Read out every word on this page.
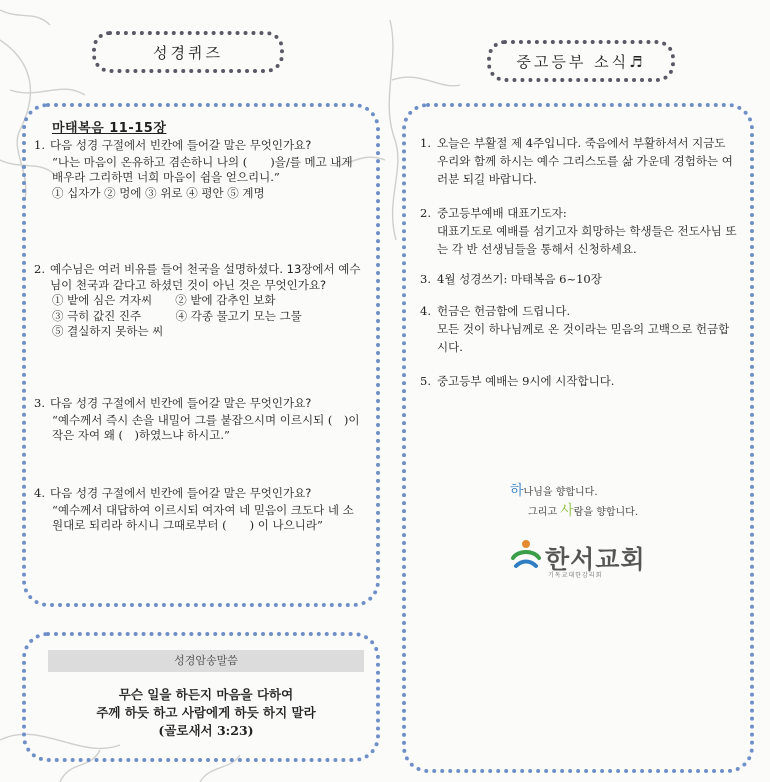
성경퀴즈	중고등부 소식♬
마태복음 11-15장
1. 다음 성경 구절에서 빈칸에 들어갈 말은 무엇인가요?
“나는 마음이 온유하고 겸손하니 나의 (　　)을/를 메고 내게 배우라 그리하면 너희 마음이 쉼을 얻으리니.”
① 십자가 ② 멍에 ③ 위로 ④ 평안 ⑤ 계명
2. 예수님은 여러 비유를 들어 천국을 설명하셨다. 13장에서 예수님이 천국과 같다고 하셨던 것이 아닌 것은 무엇인가요?
① 밭에 심은 겨자씨　　② 밭에 감추인 보화
③ 극히 값진 진주　　　④ 각종 물고기 모는 그물
⑤ 결실하지 못하는 씨
3. 다음 성경 구절에서 빈칸에 들어갈 말은 무엇인가요?
“예수께서 즉시 손을 내밀어 그를 붙잡으시며 이르시되 (　)이 작은 자여 왜 (　)하였느냐 하시고.”
4. 다음 성경 구절에서 빈칸에 들어갈 말은 무엇인가요?
“예수께서 대답하여 이르시되 여자여 네 믿음이 크도다 네 소원대로 되리라 하시니 그때로부터 (　　) 이 나으니라”
성경암송말씀
무슨 일을 하든지 마음을 다하여
주께 하듯 하고 사람에게 하듯 하지 말라
(골로새서 3:23)
1. 오늘은 부활절 제 4주입니다. 죽음에서 부활하셔서 지금도 우리와 함께 하시는 예수 그리스도를 삶 가운데 경험하는 여러분 되길 바랍니다.
2. 중고등부예배 대표기도자:
대표기도로 예배를 섬기고자 희망하는 학생들은 전도사님 또는 각 반 선생님들을 통해서 신청하세요.
3. 4월 성경쓰기: 마태복음 6~10장
4. 헌금은 헌금함에 드립니다.
모든 것이 하나님께로 온 것이라는 믿음의 고백으로 헌금합시다.
5. 중고등부 예배는 9시에 시작합니다.
하나님을 향합니다.
그리고 사람을 향합니다.
한서교회
기독교대한감리회
